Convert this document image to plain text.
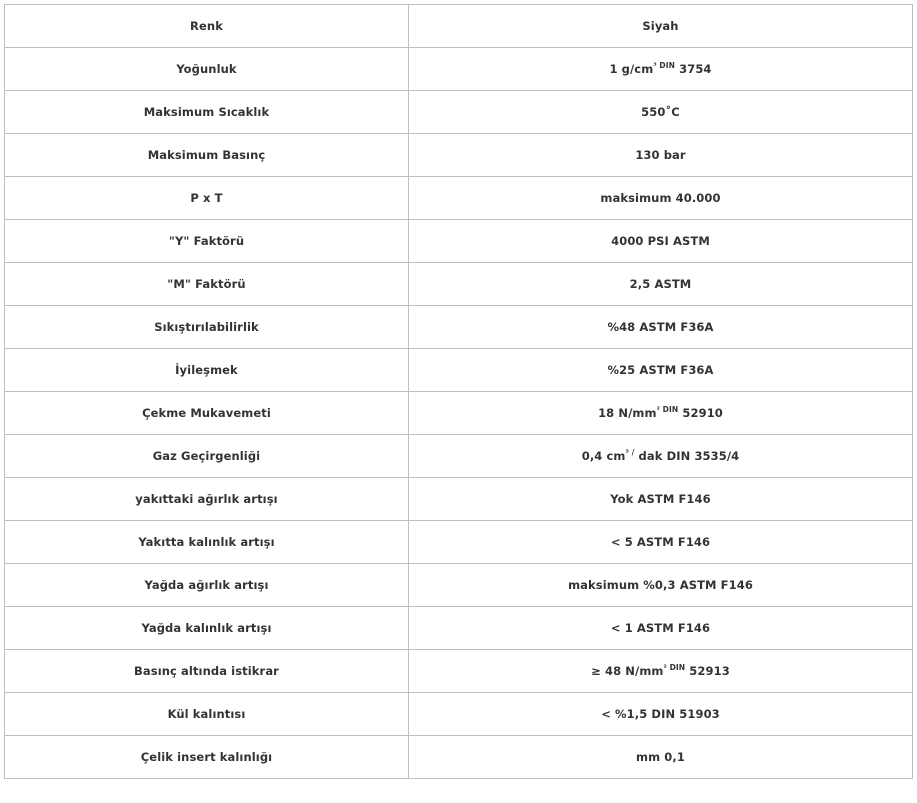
Renk	Siyah
Yoğunluk	1 $g/cm^{^3 DIN}$ 3754
Maksimum Sıcaklık	550˚C
Maksimum Basınç	130 bar
P x T	maksimum 40.000
"Y" Faktörü	4000 PSI ASTM
"M" Faktörü	2,5 ASTM
Sıkıştırılabilirlik	%48 ASTM F36A
İyileşmek	%25 ASTM F36A
Çekme Mukavemeti	18 $N/mm^{^2 DIN}$ 52910
Gaz Geçirgenliği	0,4 $cm^{^3 /}$ dak DIN 3535/4
yakıttaki ağırlık artışı	Yok ASTM F146
Yakıtta kalınlık artışı	< 5 ASTM F146
Yağda ağırlık artışı	maksimum %0,3 ASTM F146
Yağda kalınlık artışı	< 1 ASTM F146
Basınç altında istikrar	≥ 48 $N/mm^{^2 DIN}$ 52913
Kül kalıntısı	< %1,5 DIN 51903
Çelik insert kalınlığı	mm 0,1
